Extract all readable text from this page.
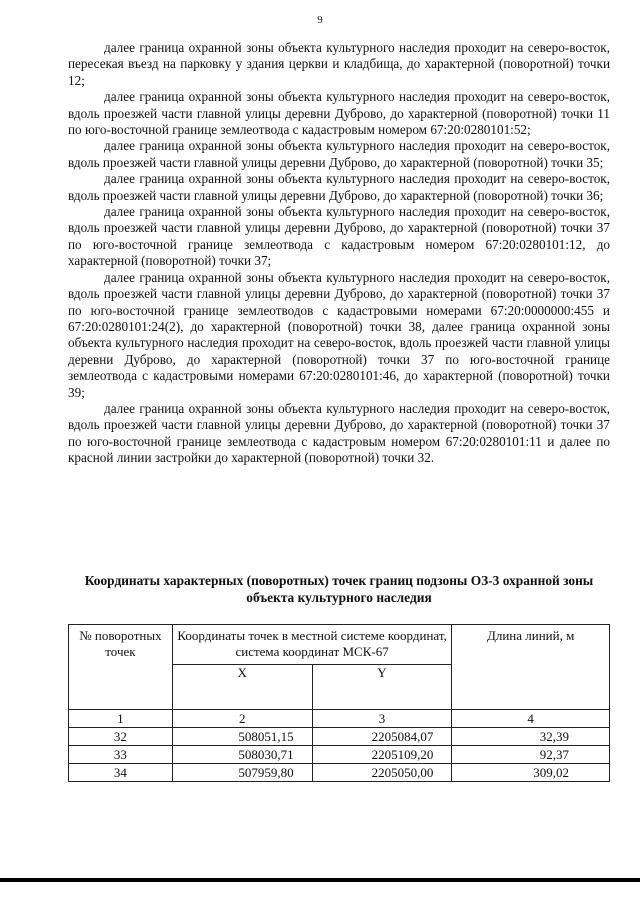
9

далее граница охранной зоны объекта культурного наследия проходит на северо-восток, пересекая въезд на парковку у здания церкви и кладбища, до характерной (поворотной) точки 12;

далее граница охранной зоны объекта культурного наследия проходит на северо-восток, вдоль проезжей части главной улицы деревни Дуброво, до характерной (поворотной) точки 11 по юго-восточной границе землеотвода с кадастровым номером 67:20:0280101:52;

далее граница охранной зоны объекта культурного наследия проходит на северо-восток, вдоль проезжей части главной улицы деревни Дуброво, до характерной (поворотной) точки 35;

далее граница охранной зоны объекта культурного наследия проходит на северо-восток, вдоль проезжей части главной улицы деревни Дуброво, до характерной (поворотной) точки 36;

далее граница охранной зоны объекта культурного наследия проходит на северо-восток, вдоль проезжей части главной улицы деревни Дуброво, до характерной (поворотной) точки 37 по юго-восточной границе землеотвода с кадастровым номером 67:20:0280101:12, до характерной (поворотной) точки 37;

далее граница охранной зоны объекта культурного наследия проходит на северо-восток, вдоль проезжей части главной улицы деревни Дуброво, до характерной (поворотной) точки 37 по юго-восточной границе землеотводов с кадастровыми номерами 67:20:0000000:455 и 67:20:0280101:24(2), до характерной (поворотной) точки 38, далее граница охранной зоны объекта культурного наследия проходит на северо-восток, вдоль проезжей части главной улицы деревни Дуброво, до характерной (поворотной) точки 37 по юго-восточной границе землеотвода с кадастровыми номерами 67:20:0280101:46, до характерной (поворотной) точки 39;

далее граница охранной зоны объекта культурного наследия проходит на северо-восток, вдоль проезжей части главной улицы деревни Дуброво, до характерной (поворотной) точки 37 по юго-восточной границе землеотвода с кадастровым номером 67:20:0280101:11 и далее по красной линии застройки до характерной (поворотной) точки 32.

Координаты характерных (поворотных) точек границ подзоны ОЗ-3 охранной зоны объекта культурного наследия
№ поворотных точек	Координаты точек в местной системе координат, система координат МСК-67		Длина линий, м
	X	Y	
1	2	3	4
32	508051,15	2205084,07	32,39
33	508030,71	2205109,20	92,37
34	507959,80	2205050,00	309,02
